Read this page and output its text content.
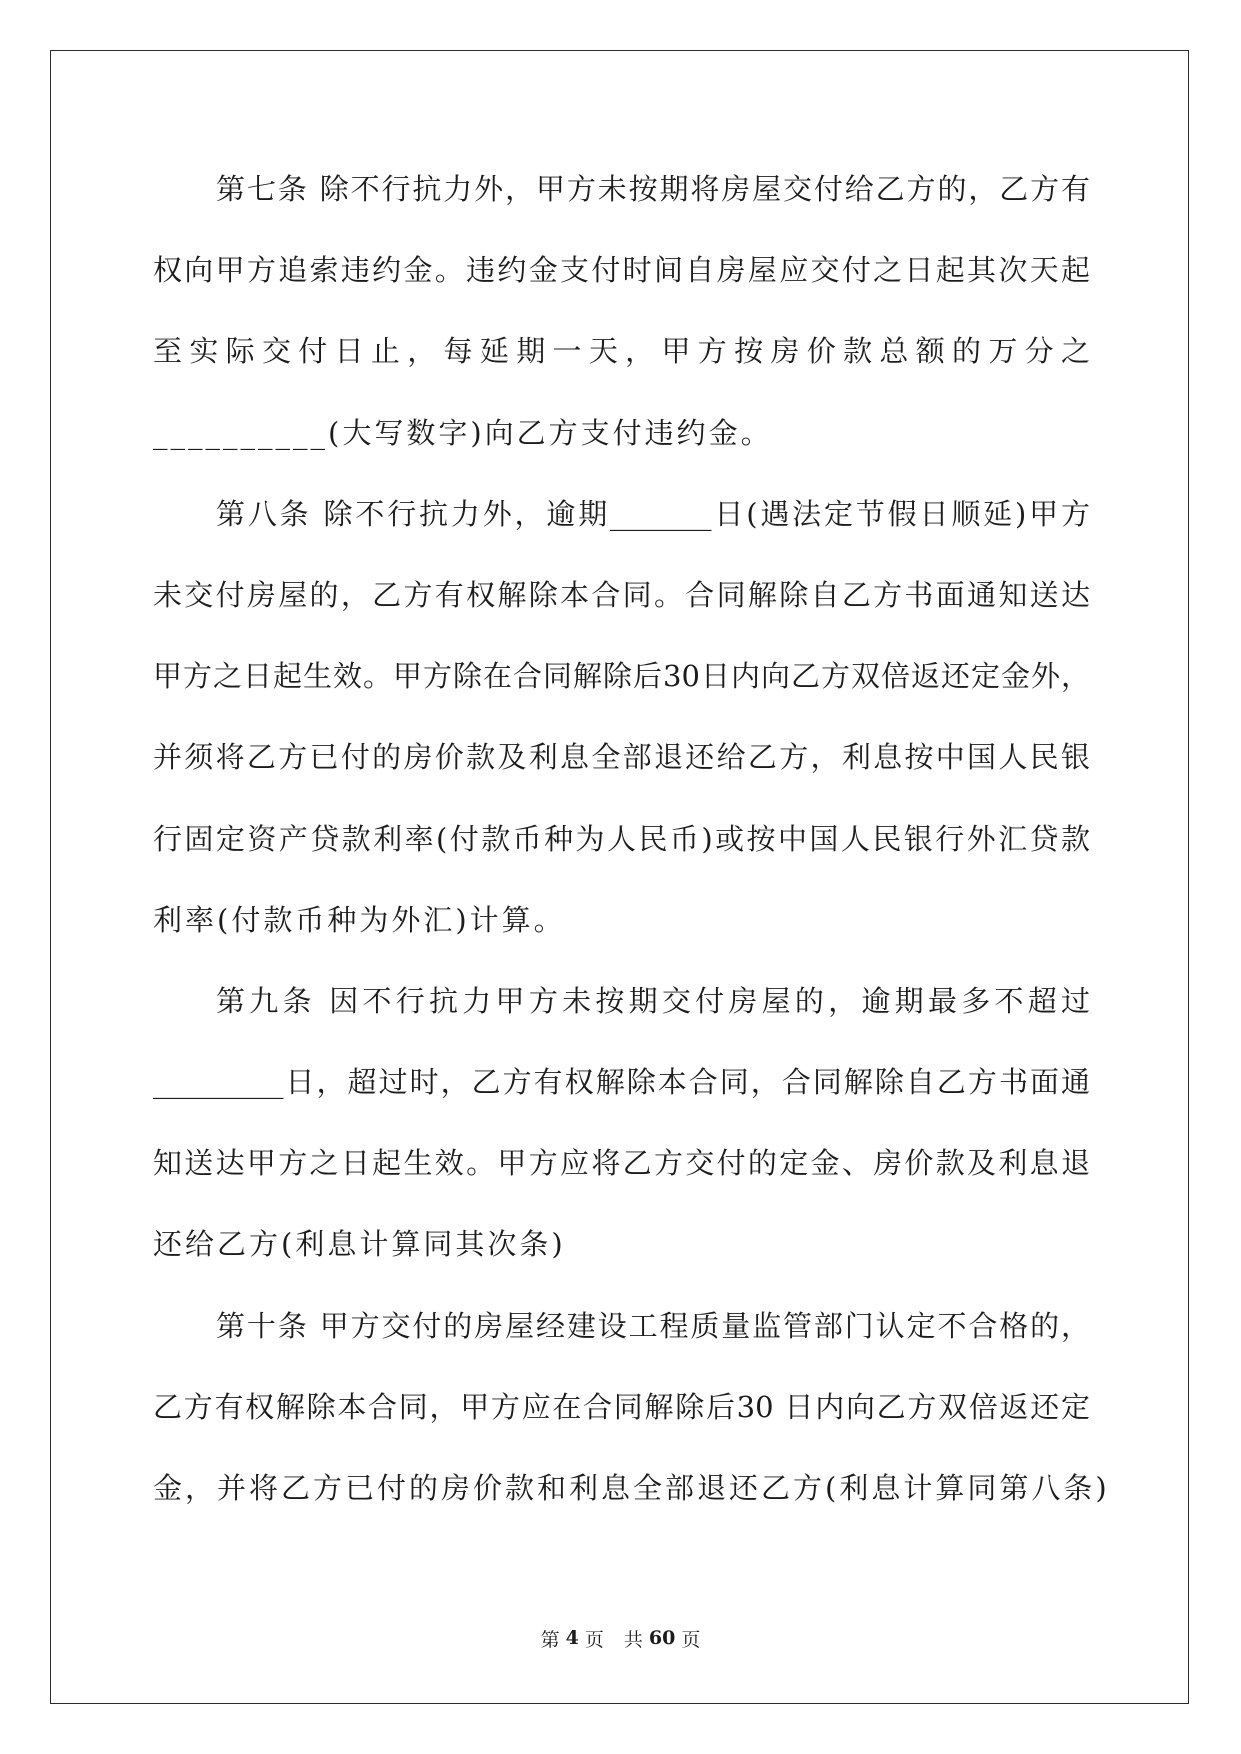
第七条 除不行抗力外，甲方未按期将房屋交付给乙方的，乙方有
权向甲方追索违约金。违约金支付时间自房屋应交付之日起其次天起
至实际交付日止，每延期一天，甲方按房价款总额的万分之
__________(大写数字)向乙方支付违约金。
第八条 除不行抗力外，逾期_______日(遇法定节假日顺延)甲方
未交付房屋的，乙方有权解除本合同。合同解除自乙方书面通知送达
甲方之日起生效。甲方除在合同解除后30日内向乙方双倍返还定金外，
并须将乙方已付的房价款及利息全部退还给乙方，利息按中国人民银
行固定资产贷款利率(付款币种为人民币)或按中国人民银行外汇贷款
利率(付款币种为外汇)计算。
第九条 因不行抗力甲方未按期交付房屋的，逾期最多不超过
_________日，超过时，乙方有权解除本合同，合同解除自乙方书面通
知送达甲方之日起生效。甲方应将乙方交付的定金、房价款及利息退
还给乙方(利息计算同其次条)
第十条 甲方交付的房屋经建设工程质量监管部门认定不合格的，
乙方有权解除本合同，甲方应在合同解除后30 日内向乙方双倍返还定
金，并将乙方已付的房价款和利息全部退还乙方(利息计算同第八条)
第 4 页 共 60 页
